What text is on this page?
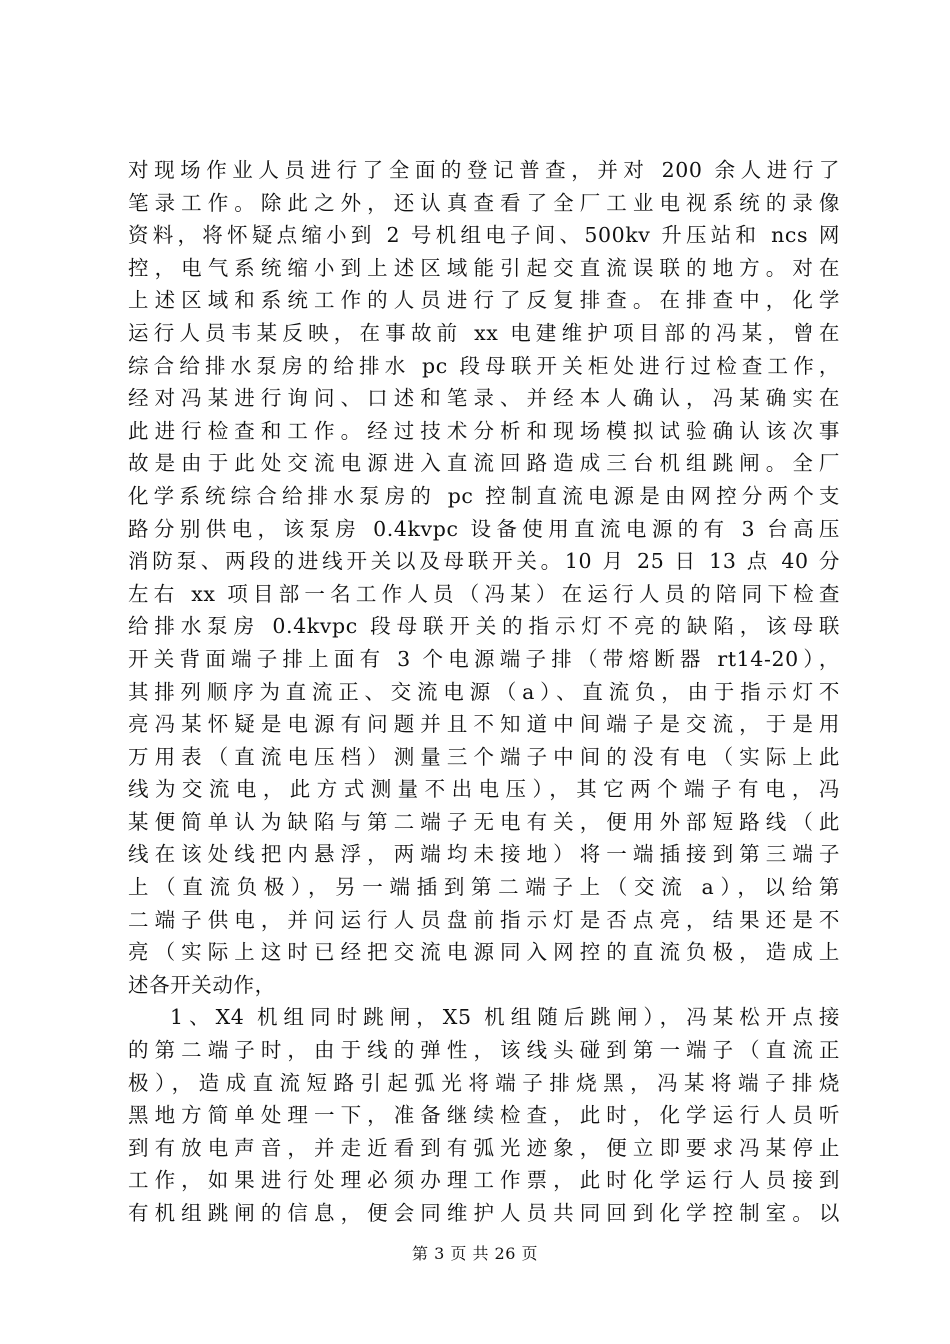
对现场作业人员进行了全面的登记普查，并对 200 余人进行了
笔录工作。除此之外，还认真查看了全厂工业电视系统的录像
资料，将怀疑点缩小到 2 号机组电子间、500kv 升压站和 ncs 网
控，电气系统缩小到上述区域能引起交直流误联的地方。对在
上述区域和系统工作的人员进行了反复排查。在排查中，化学
运行人员韦某反映，在事故前 xx 电建维护项目部的冯某，曾在
综合给排水泵房的给排水 pc 段母联开关柜处进行过检查工作，
经对冯某进行询问、口述和笔录、并经本人确认，冯某确实在
此进行检查和工作。经过技术分析和现场模拟试验确认该次事
故是由于此处交流电源进入直流回路造成三台机组跳闸。全厂
化学系统综合给排水泵房的 pc 控制直流电源是由网控分两个支
路分别供电，该泵房 0.4kvpc 设备使用直流电源的有 3 台高压
消防泵、两段的进线开关以及母联开关。10 月 25 日 13 点 40 分
左右 xx 项目部一名工作人员（冯某）在运行人员的陪同下检查
给排水泵房 0.4kvpc 段母联开关的指示灯不亮的缺陷，该母联
开关背面端子排上面有 3 个电源端子排（带熔断器 rt14-20），
其排列顺序为直流正、交流电源（a）、直流负，由于指示灯不
亮冯某怀疑是电源有问题并且不知道中间端子是交流，于是用
万用表（直流电压档）测量三个端子中间的没有电（实际上此
线为交流电，此方式测量不出电压），其它两个端子有电，冯
某便简单认为缺陷与第二端子无电有关，便用外部短路线（此
线在该处线把内悬浮，两端均未接地）将一端插接到第三端子
上（直流负极），另一端插到第二端子上（交流 a），以给第
二端子供电，并问运行人员盘前指示灯是否点亮，结果还是不
亮（实际上这时已经把交流电源同入网控的直流负极，造成上
述各开关动作，
1、X4 机组同时跳闸，X5 机组随后跳闸），冯某松开点接
的第二端子时，由于线的弹性，该线头碰到第一端子（直流正
极），造成直流短路引起弧光将端子排烧黑，冯某将端子排烧
黑地方简单处理一下，准备继续检查，此时，化学运行人员听
到有放电声音，并走近看到有弧光迹象，便立即要求冯某停止
工作，如果进行处理必须办理工作票，此时化学运行人员接到
有机组跳闸的信息，便会同维护人员共同回到化学控制室。以
第 3 页 共 26 页
